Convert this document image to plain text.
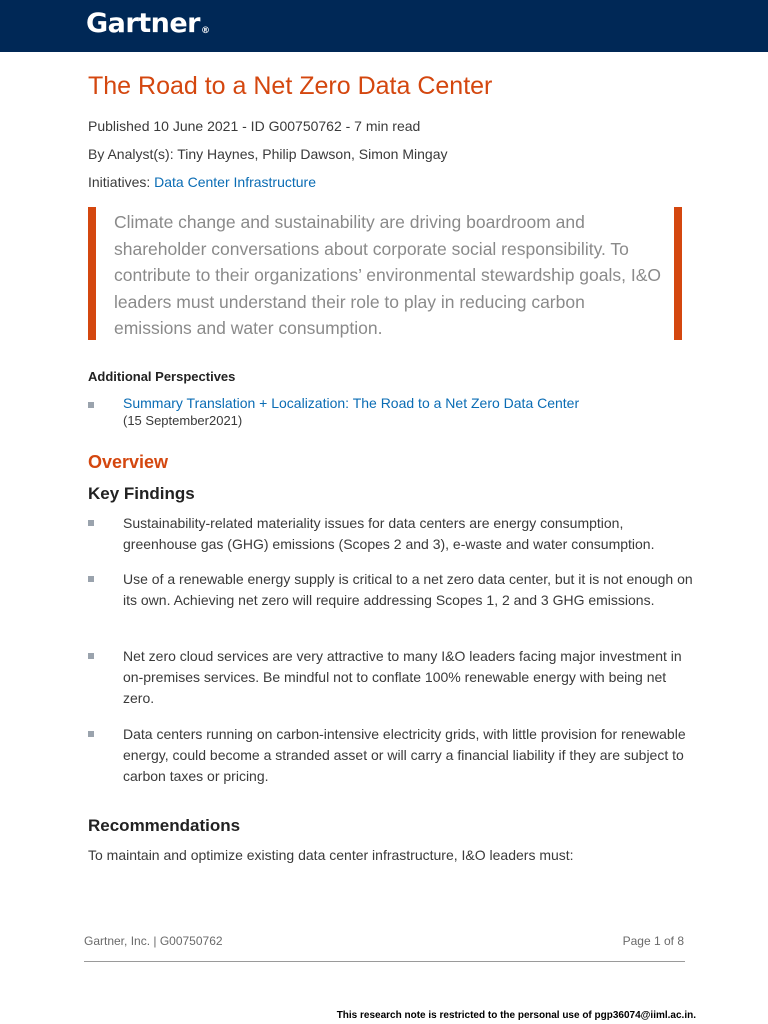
Gartner®
The Road to a Net Zero Data Center
Published 10 June 2021 - ID G00750762 - 7 min read
By Analyst(s): Tiny Haynes, Philip Dawson, Simon Mingay
Initiatives: Data Center Infrastructure
Climate change and sustainability are driving boardroom and shareholder conversations about corporate social responsibility. To contribute to their organizations’ environmental stewardship goals, I&O leaders must understand their role to play in reducing carbon emissions and water consumption.
Additional Perspectives
Summary Translation + Localization: The Road to a Net Zero Data Center
(15 September2021)
Overview
Key Findings
Sustainability-related materiality issues for data centers are energy consumption, greenhouse gas (GHG) emissions (Scopes 2 and 3), e-waste and water consumption.
Use of a renewable energy supply is critical to a net zero data center, but it is not enough on its own. Achieving net zero will require addressing Scopes 1, 2 and 3 GHG emissions.
Net zero cloud services are very attractive to many I&O leaders facing major investment in on-premises services. Be mindful not to conflate 100% renewable energy with being net zero.
Data centers running on carbon-intensive electricity grids, with little provision for renewable energy, could become a stranded asset or will carry a financial liability if they are subject to carbon taxes or pricing.
Recommendations
To maintain and optimize existing data center infrastructure, I&O leaders must:
Gartner, Inc. | G00750762	Page 1 of 8
This research note is restricted to the personal use of pgp36074@iiml.ac.in.
